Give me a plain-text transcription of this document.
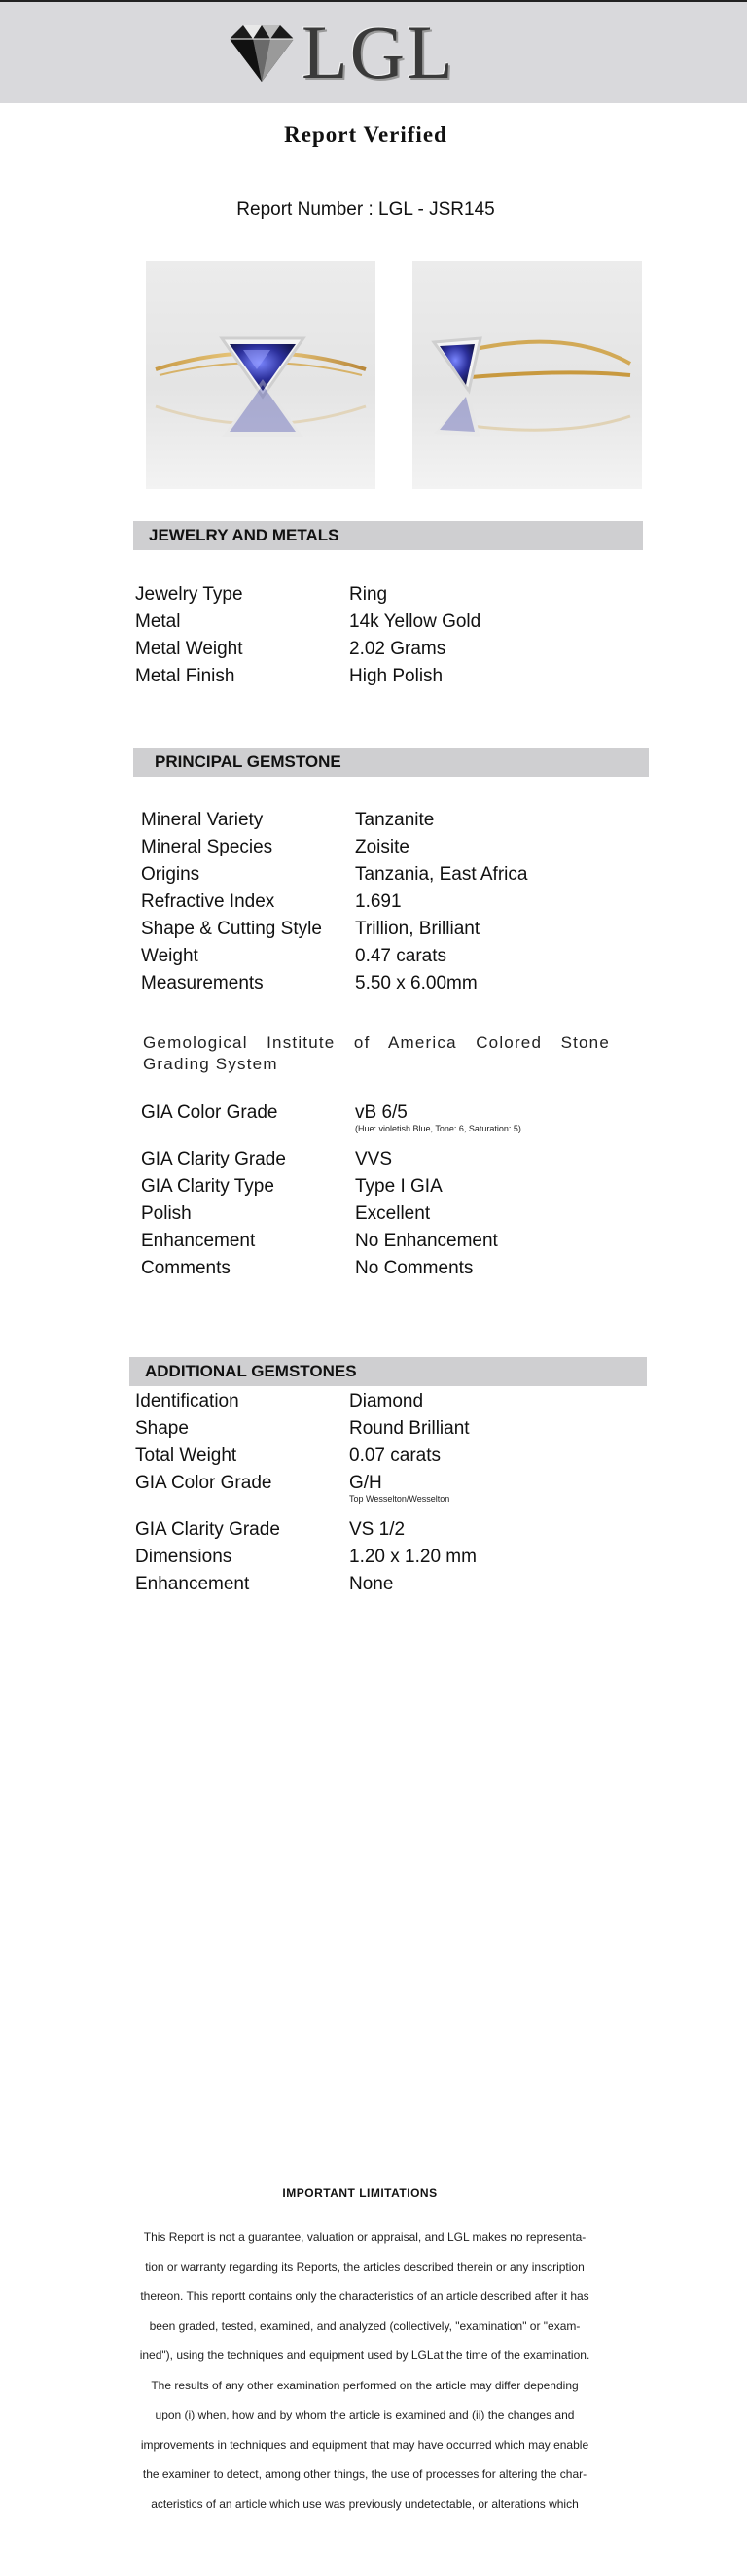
LGL
Report Verified
Report Number : LGL - JSR145
JEWELRY AND METALS
Jewelry Type	Ring
Metal	14k Yellow Gold
Metal Weight	2.02 Grams
Metal Finish	High Polish
PRINCIPAL GEMSTONE
Mineral Variety	Tanzanite
Mineral Species	Zoisite
Origins	Tanzania, East Africa
Refractive Index	1.691
Shape & Cutting Style	Trillion, Brilliant
Weight	0.47 carats
Measurements	5.50 x 6.00mm
Gemological Institute of America Colored Stone Grading System
GIA Color Grade	vB 6/5
(Hue: violetish Blue, Tone: 6, Saturation: 5)
GIA Clarity Grade	VVS
GIA Clarity Type	Type I GIA
Polish	Excellent
Enhancement	No Enhancement
Comments	No Comments
ADDITIONAL GEMSTONES
Identification	Diamond
Shape	Round Brilliant
Total Weight	0.07 carats
GIA Color Grade	G/H
Top Wesselton/Wesselton
GIA Clarity Grade	VS 1/2
Dimensions	1.20 x 1.20 mm
Enhancement	None
IMPORTANT LIMITATIONS
This Report is not a guarantee, valuation or appraisal, and LGL makes no representa-
tion or warranty regarding its Reports, the articles described therein or any inscription
thereon. This reportt contains only the characteristics of an article described after it has
been graded, tested, examined, and analyzed (collectively, "examination" or "exam-
ined"), using the techniques and equipment used by LGLat the time of the examination.
The results of any other examination performed on the article may differ depending
upon (i) when, how and by whom the article is examined and (ii) the changes and
improvements in techniques and equipment that may have occurred which may enable
the examiner to detect, among other things, the use of processes for altering the char-
acteristics of an article which use was previously undetectable, or alterations which
